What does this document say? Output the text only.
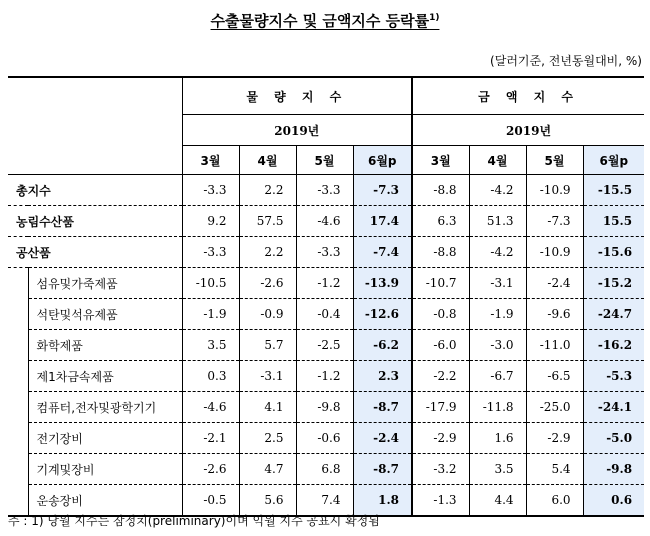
수출물량지수 및 금액지수 등락률$^{1)}$
(달러기준, 전년동월대비, %)
		물 량 지 수				금 액 지 수			
		2019년				2019년			
		3월	4월	5월	6월p	3월	4월	5월	6월p
총지수		-3.3	2.2	-3.3	-7.3	-8.8	-4.2	-10.9	-15.5
농림수산품		9.2	57.5	-4.6	17.4	6.3	51.3	-7.3	15.5
공산품		-3.3	2.2	-3.3	-7.4	-8.8	-4.2	-10.9	-15.6
	섬유및가죽제품	-10.5	-2.6	-1.2	-13.9	-10.7	-3.1	-2.4	-15.2
	석탄및석유제품	-1.9	-0.9	-0.4	-12.6	-0.8	-1.9	-9.6	-24.7
	화학제품	3.5	5.7	-2.5	-6.2	-6.0	-3.0	-11.0	-16.2
	제1차금속제품	0.3	-3.1	-1.2	2.3	-2.2	-6.7	-6.5	-5.3
	컴퓨터,전자및광학기기	-4.6	4.1	-9.8	-8.7	-17.9	-11.8	-25.0	-24.1
	전기장비	-2.1	2.5	-0.6	-2.4	-2.9	1.6	-2.9	-5.0
	기계및장비	-2.6	4.7	6.8	-8.7	-3.2	3.5	5.4	-9.8
	운송장비	-0.5	5.6	7.4	1.8	-1.3	4.4	6.0	0.6
주 : 1) 당월 지수는 잠정치(preliminary)이며 익월 지수 공표시 확정됨
